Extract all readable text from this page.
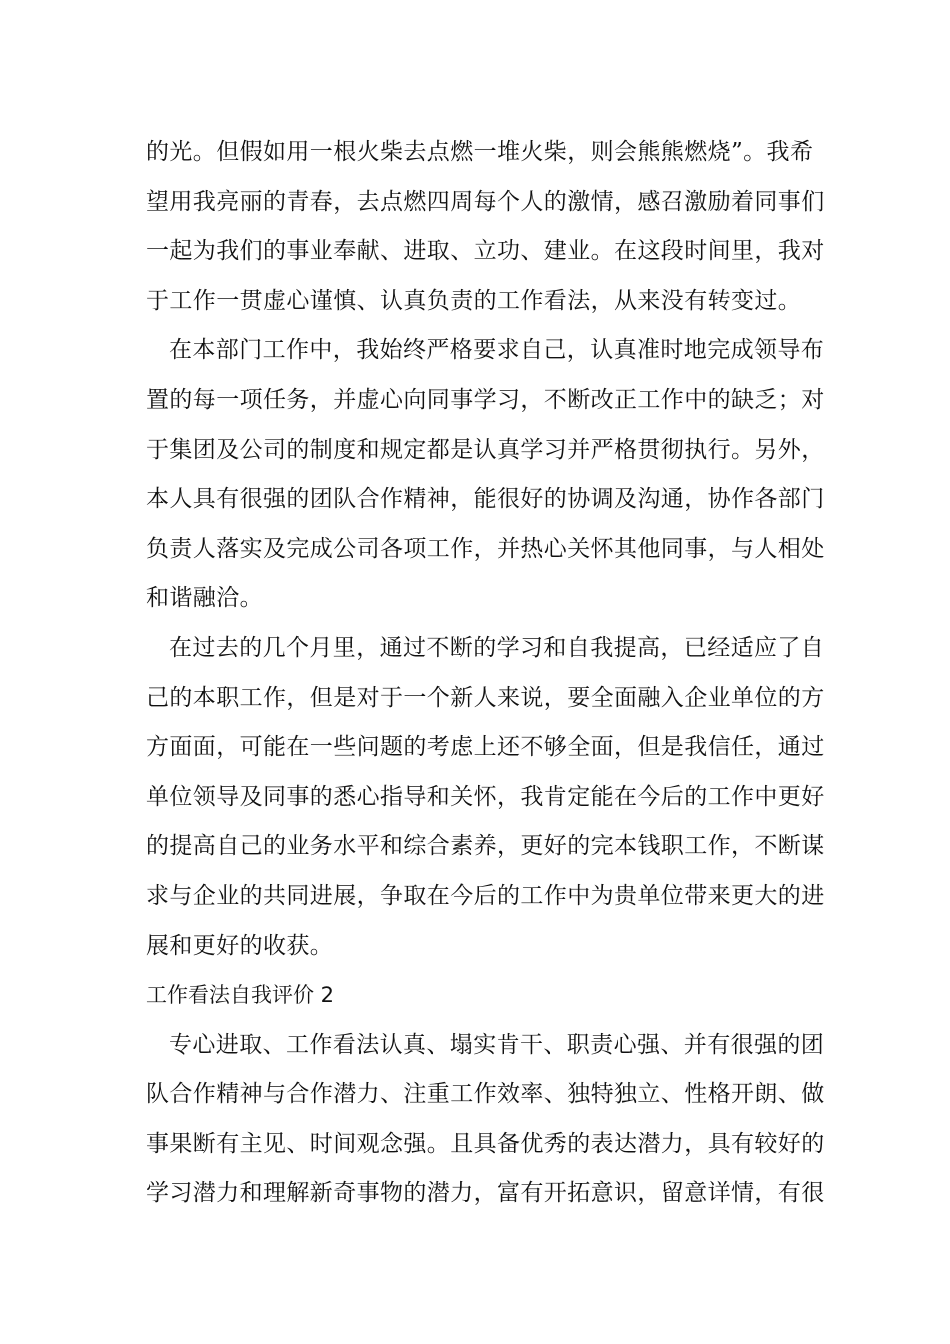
的光。但假如用一根火柴去点燃一堆火柴，则会熊熊燃烧”。我希
望用我亮丽的青春，去点燃四周每个人的激情，感召激励着同事们
一起为我们的事业奉献、进取、立功、建业。在这段时间里，我对
于工作一贯虚心谨慎、认真负责的工作看法，从来没有转变过。
在本部门工作中，我始终严格要求自己，认真准时地完成领导布
置的每一项任务，并虚心向同事学习，不断改正工作中的缺乏；对
于集团及公司的制度和规定都是认真学习并严格贯彻执行。另外，
本人具有很强的团队合作精神，能很好的协调及沟通，协作各部门
负责人落实及完成公司各项工作，并热心关怀其他同事，与人相处
和谐融洽。
在过去的几个月里，通过不断的学习和自我提高，已经适应了自
己的本职工作，但是对于一个新人来说，要全面融入企业单位的方
方面面，可能在一些问题的考虑上还不够全面，但是我信任，通过
单位领导及同事的悉心指导和关怀，我肯定能在今后的工作中更好
的提高自己的业务水平和综合素养，更好的完本钱职工作，不断谋
求与企业的共同进展，争取在今后的工作中为贵单位带来更大的进
展和更好的收获。
工作看法自我评价 2
专心进取、工作看法认真、塌实肯干、职责心强、并有很强的团
队合作精神与合作潜力、注重工作效率、独特独立、性格开朗、做
事果断有主见、时间观念强。且具备优秀的表达潜力，具有较好的
学习潜力和理解新奇事物的潜力，富有开拓意识，留意详情，有很
